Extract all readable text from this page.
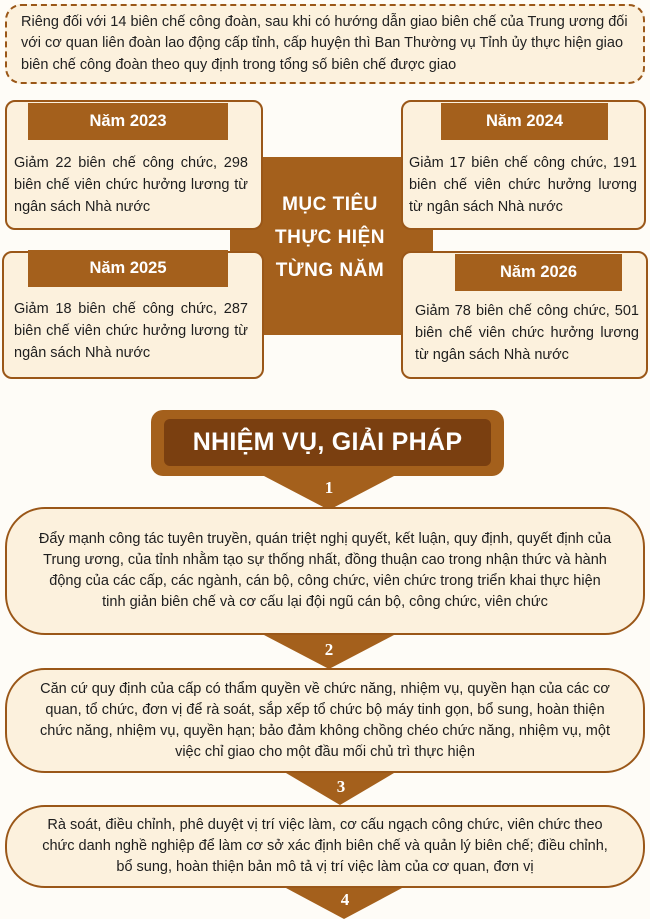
Riêng đối với 14 biên chế công đoàn, sau khi có hướng dẫn giao biên chế của Trung ương đối với cơ quan liên đoàn lao động cấp tỉnh, cấp huyện thì Ban Thường vụ Tỉnh ủy thực hiện giao biên chế công đoàn theo quy định trong tổng số biên chế được giao
Năm 2023
Giảm 22 biên chế công chức, 298 biên chế viên chức hưởng lương từ ngân sách Nhà nước
Năm 2024
Giảm 17 biên chế công chức, 191 biên chế viên chức hưởng lương từ ngân sách Nhà nước
Năm 2025
Giảm 18 biên chế công chức, 287 biên chế viên chức hưởng lương từ ngân sách Nhà nước
Năm 2026
Giảm 78 biên chế công chức, 501 biên chế viên chức hưởng lương từ ngân sách Nhà nước
MỤC TIÊU
THỰC HIỆN
TỪNG NĂM
NHIỆM VỤ, GIẢI PHÁP
1
Đẩy mạnh công tác tuyên truyền, quán triệt nghị quyết, kết luận, quy định, quyết định của Trung ương, của tỉnh nhằm tạo sự thống nhất, đồng thuận cao trong nhận thức và hành động của các cấp, các ngành, cán bộ, công chức, viên chức trong triển khai thực hiện tinh giản biên chế và cơ cấu lại đội ngũ cán bộ, công chức, viên chức
2
Căn cứ quy định của cấp có thẩm quyền về chức năng, nhiệm vụ, quyền hạn của các cơ quan, tổ chức, đơn vị để rà soát, sắp xếp tổ chức bộ máy tinh gọn, bổ sung, hoàn thiện chức năng, nhiệm vụ, quyền hạn; bảo đảm không chồng chéo chức năng, nhiệm vụ, một việc chỉ giao cho một đầu mối chủ trì thực hiện
3
Rà soát, điều chỉnh, phê duyệt vị trí việc làm, cơ cấu ngạch công chức, viên chức theo chức danh nghề nghiệp để làm cơ sở xác định biên chế và quản lý biên chế; điều chỉnh, bổ sung, hoàn thiện bản mô tả vị trí việc làm của cơ quan, đơn vị
4
